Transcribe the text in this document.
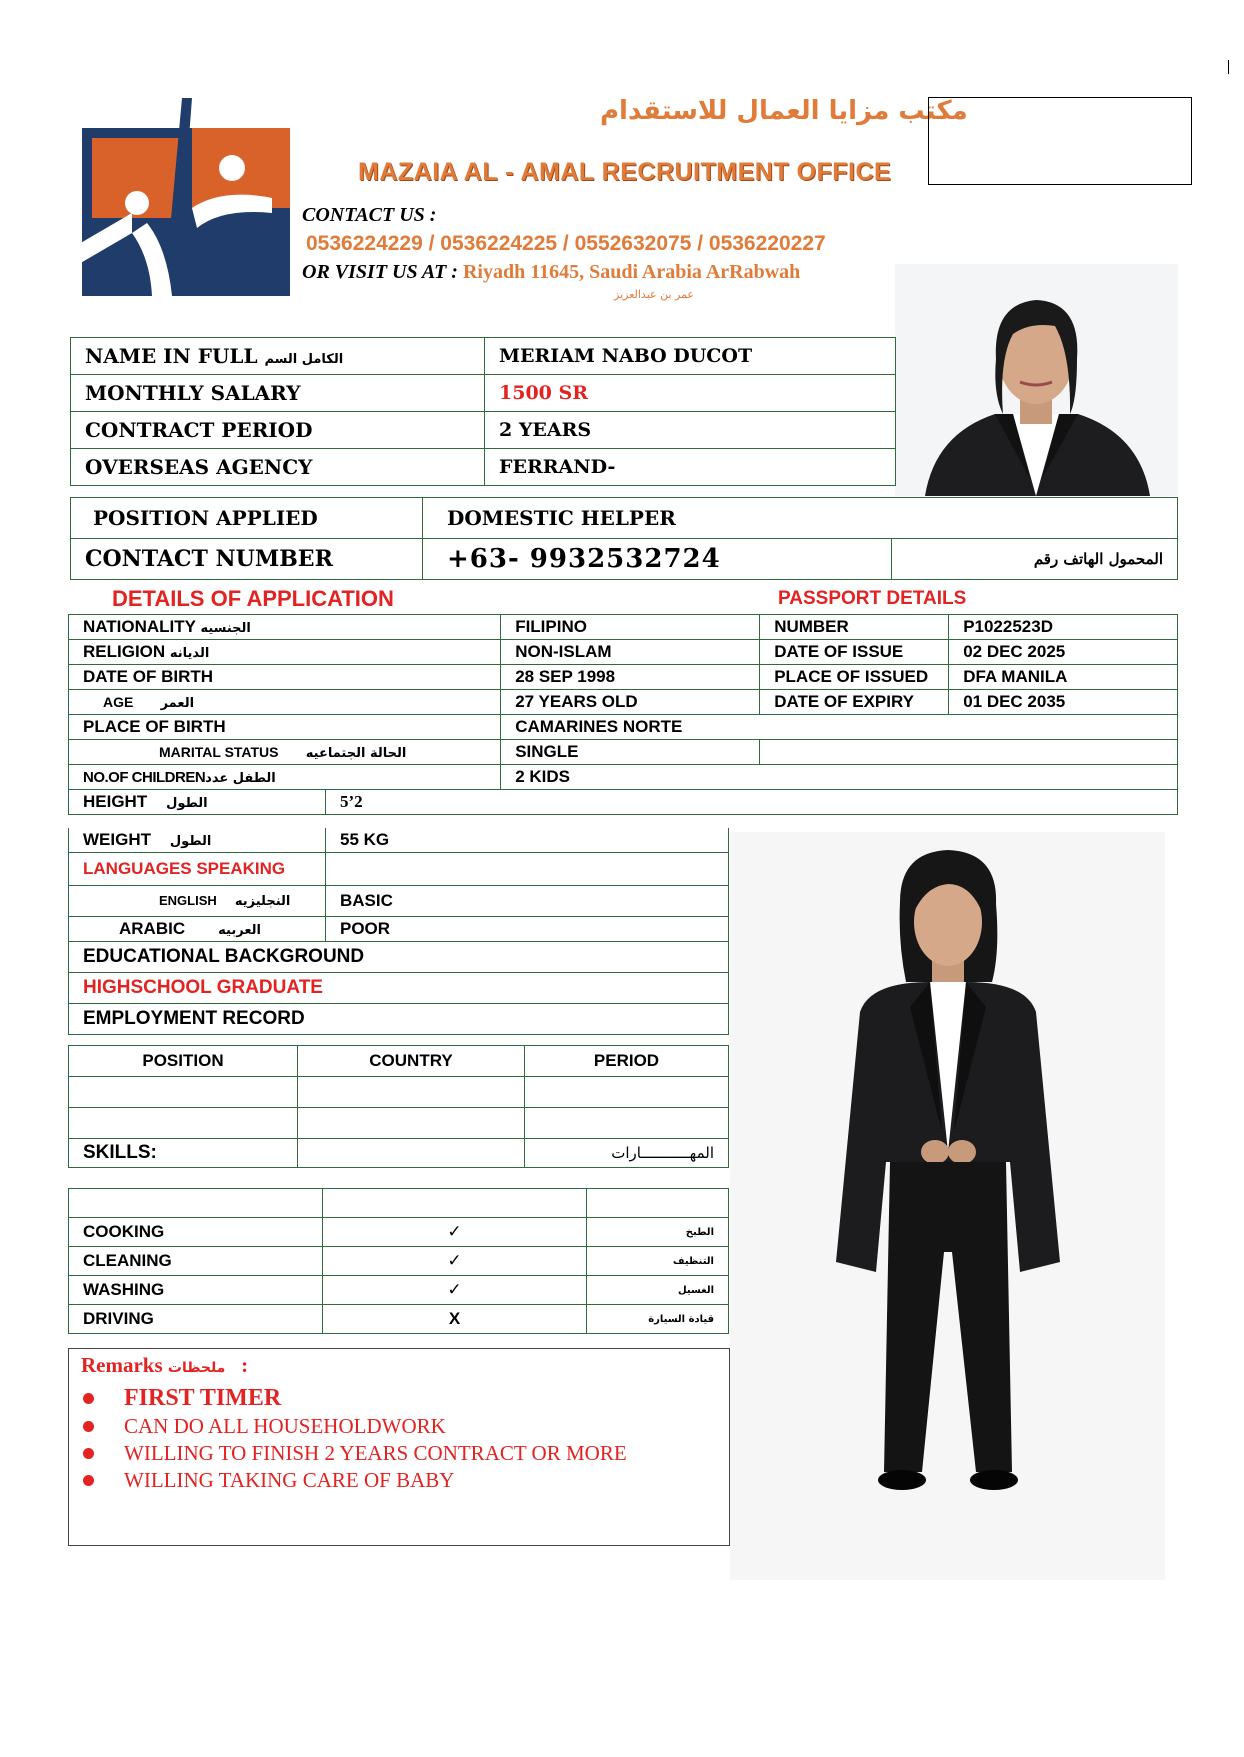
مكتب مزايا العمال للاستقدام
MAZAIA AL - AMAL RECRUITMENT OFFICE
CONTACT US :
0536224229 / 0536224225 / 0552632075 / 0536220227
OR VISIT US AT : Riyadh 11645, Saudi Arabia ArRabwah
عمر بن عبدالعزيز
NAME IN FULL الكامل السم	MERIAM NABO DUCOT
MONTHLY SALARY	1500 SR
CONTRACT PERIOD	2 YEARS
OVERSEAS AGENCY	FERRAND-
POSITION APPLIED	DOMESTIC HELPER	
CONTACT NUMBER	+63- 9932532724	المحمول الهاتف رقم
DETAILS OF APPLICATION	PASSPORT DETAILS
NATIONALITY الجنسيه		FILIPINO	NUMBER	P1022523D
RELIGION الديانه		NON-ISLAM	DATE OF ISSUE	02 DEC 2025
DATE OF BIRTH		28 SEP 1998	PLACE OF ISSUED	DFA MANILA
AGE العمر		27 YEARS OLD	DATE OF EXPIRY	01 DEC 2035
PLACE OF BIRTH		CAMARINES NORTE		
MARITAL STATUS الحالة الجتماعيه		SINGLE		
NO.OF CHILDRENالطفل عدد		2 KIDS		
HEIGHT الطول	5’2			
WEIGHT الطول	55 KG
LANGUAGES SPEAKING	
ENGLISH النجليزيه	BASIC
ARABIC العربيه	POOR
EDUCATIONAL BACKGROUND	
HIGHSCHOOL GRADUATE	
EMPLOYMENT RECORD	
POSITION	COUNTRY	PERIOD

SKILLS:		المهـــــــــــارات

COOKING	✓	الطبخ
CLEANING	✓	التنظيف
WASHING	✓	الغسيل
DRIVING	X	قيادة السيارة
Remarks ملحظات :
FIRST TIMER
CAN DO ALL HOUSEHOLDWORK
WILLING TO FINISH 2 YEARS CONTRACT OR MORE
WILLING TAKING CARE OF BABY
